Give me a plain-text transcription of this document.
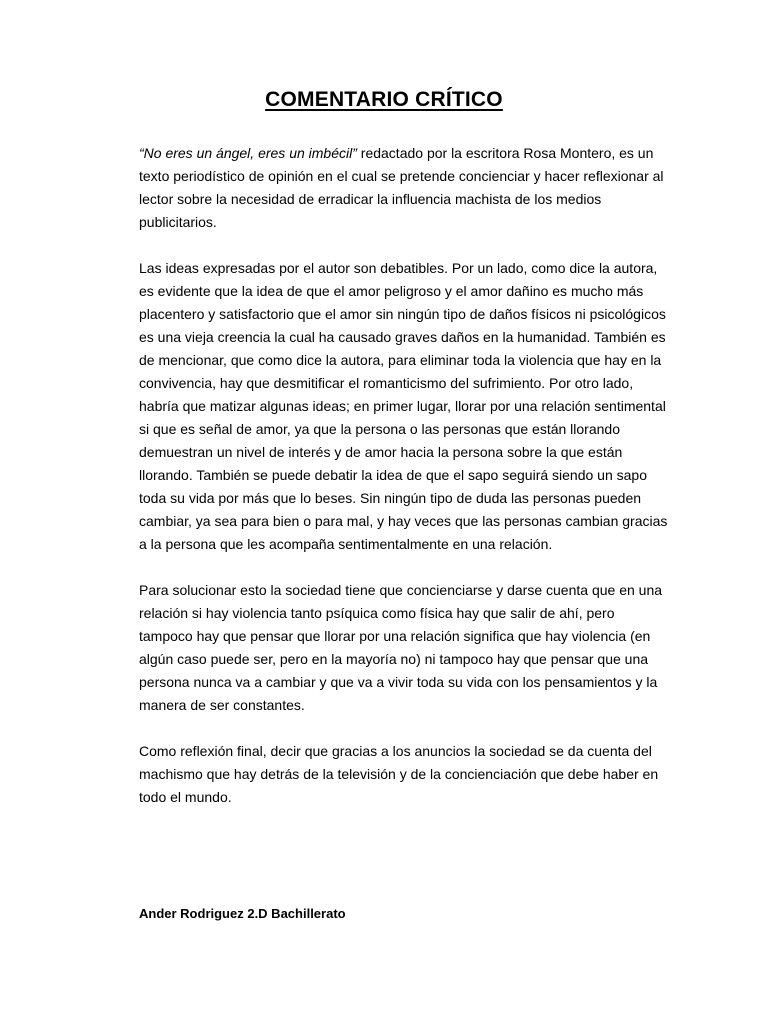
COMENTARIO CRÍTICO

“No eres un ángel, eres un imbécil” redactado por la escritora Rosa Montero, es un
texto periodístico de opinión en el cual se pretende concienciar y hacer reflexionar al
lector sobre la necesidad de erradicar la influencia machista de los medios
publicitarios.

Las ideas expresadas por el autor son debatibles. Por un lado, como dice la autora,
es evidente que la idea de que el amor peligroso y el amor dañino es mucho más
placentero y satisfactorio que el amor sin ningún tipo de daños físicos ni psicológicos
es una vieja creencia la cual ha causado graves daños en la humanidad. También es
de mencionar, que como dice la autora, para eliminar toda la violencia que hay en la
convivencia, hay que desmitificar el romanticismo del sufrimiento. Por otro lado,
habría que matizar algunas ideas; en primer lugar, llorar por una relación sentimental
si que es señal de amor, ya que la persona o las personas que están llorando
demuestran un nivel de interés y de amor hacia la persona sobre la que están
llorando. También se puede debatir la idea de que el sapo seguirá siendo un sapo
toda su vida por más que lo beses. Sin ningún tipo de duda las personas pueden
cambiar, ya sea para bien o para mal, y hay veces que las personas cambian gracias
a la persona que les acompaña sentimentalmente en una relación.

Para solucionar esto la sociedad tiene que concienciarse y darse cuenta que en una
relación si hay violencia tanto psíquica como física hay que salir de ahí, pero
tampoco hay que pensar que llorar por una relación significa que hay violencia (en
algún caso puede ser, pero en la mayoría no) ni tampoco hay que pensar que una
persona nunca va a cambiar y que va a vivir toda su vida con los pensamientos y la
manera de ser constantes.

Como reflexión final, decir que gracias a los anuncios la sociedad se da cuenta del
machismo que hay detrás de la televisión y de la concienciación que debe haber en
todo el mundo.

Ander Rodriguez 2.D Bachillerato
